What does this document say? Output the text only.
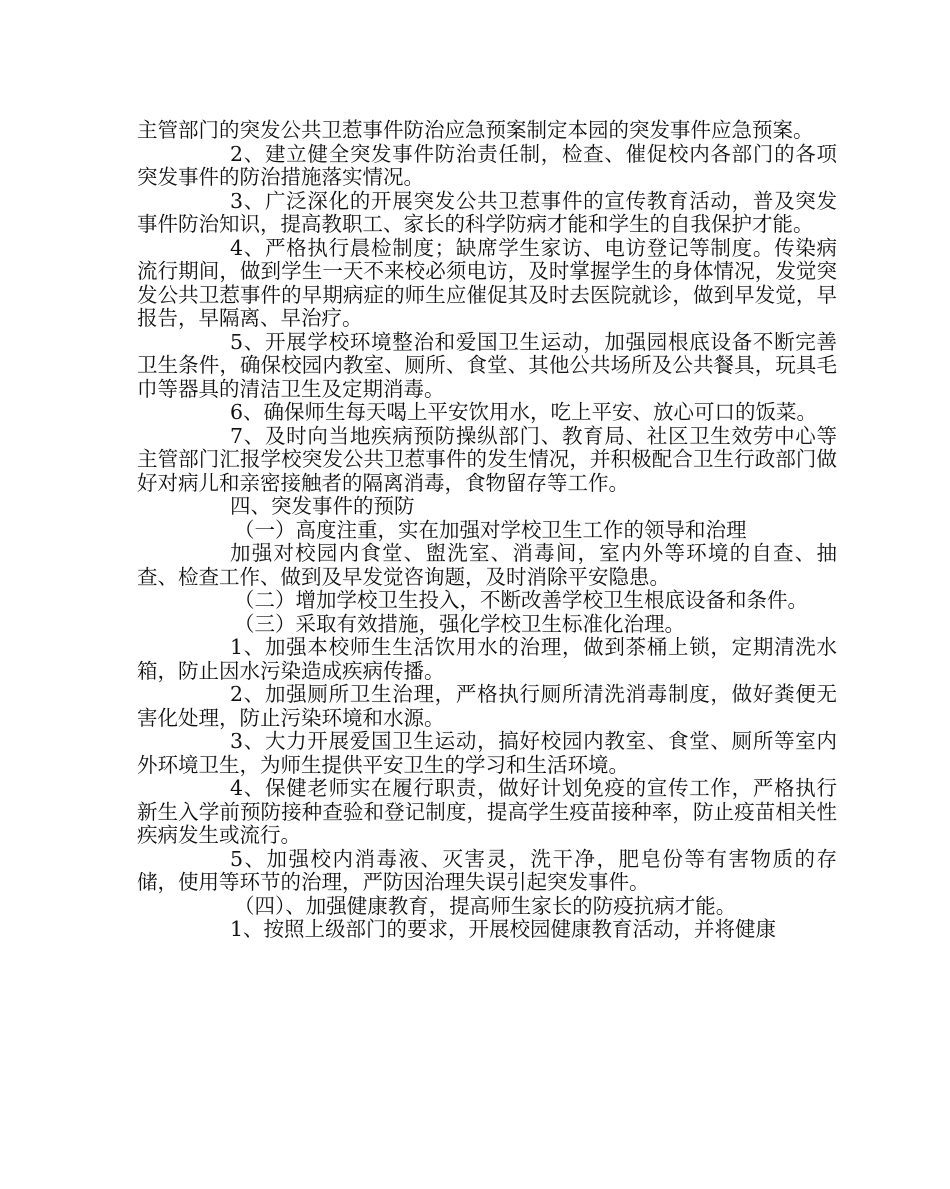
主管部门的突发公共卫惹事件防治应急预案制定本园的突发事件应急预案。

2、建立健全突发事件防治责任制，检查、催促校内各部门的各项突发事件的防治措施落实情况。

3、广泛深化的开展突发公共卫惹事件的宣传教育活动，普及突发事件防治知识，提高教职工、家长的科学防病才能和学生的自我保护才能。

4、严格执行晨检制度；缺席学生家访、电访登记等制度。传染病流行期间，做到学生一天不来校必须电访，及时掌握学生的身体情况，发觉突发公共卫惹事件的早期病症的师生应催促其及时去医院就诊，做到早发觉，早报告，早隔离、早治疗。

5、开展学校环境整治和爱国卫生运动，加强园根底设备不断完善卫生条件，确保校园内教室、厕所、食堂、其他公共场所及公共餐具，玩具毛巾等器具的清洁卫生及定期消毒。

6、确保师生每天喝上平安饮用水，吃上平安、放心可口的饭菜。

7、及时向当地疾病预防操纵部门、教育局、社区卫生效劳中心等主管部门汇报学校突发公共卫惹事件的发生情况，并积极配合卫生行政部门做好对病儿和亲密接触者的隔离消毒，食物留存等工作。

四、突发事件的预防

（一）高度注重，实在加强对学校卫生工作的领导和治理

加强对校园内食堂、盥洗室、消毒间，室内外等环境的自查、抽查、检查工作、做到及早发觉咨询题，及时消除平安隐患。

（二）增加学校卫生投入，不断改善学校卫生根底设备和条件。

（三）采取有效措施，强化学校卫生标准化治理。

1、加强本校师生生活饮用水的治理，做到茶桶上锁，定期清洗水箱，防止因水污染造成疾病传播。

2、加强厕所卫生治理，严格执行厕所清洗消毒制度，做好粪便无害化处理，防止污染环境和水源。

3、大力开展爱国卫生运动，搞好校园内教室、食堂、厕所等室内外环境卫生，为师生提供平安卫生的学习和生活环境。

4、保健老师实在履行职责，做好计划免疫的宣传工作，严格执行新生入学前预防接种查验和登记制度，提高学生疫苗接种率，防止疫苗相关性疾病发生或流行。

5、加强校内消毒液、灭害灵，洗干净，肥皂份等有害物质的存储，使用等环节的治理，严防因治理失误引起突发事件。

（四）、加强健康教育，提高师生家长的防疫抗病才能。

1、按照上级部门的要求，开展校园健康教育活动，并将健康
